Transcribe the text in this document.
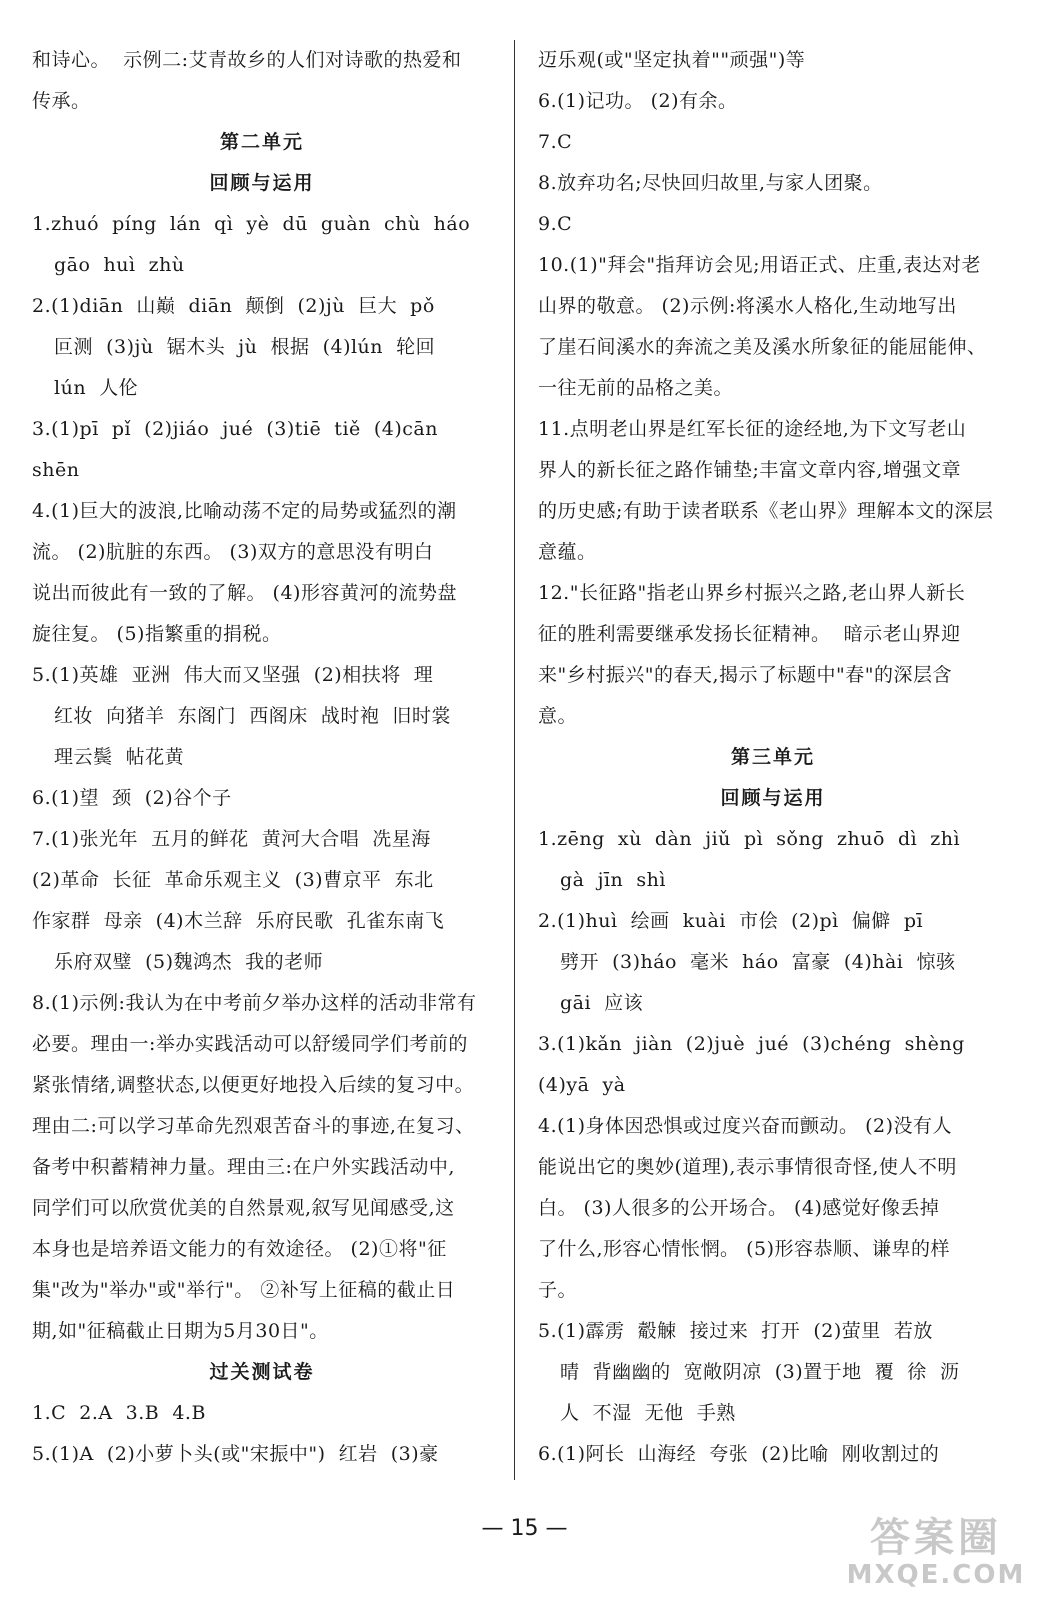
和诗心。  示例二:艾青故乡的人们对诗歌的热爱和
传承。
第二单元
回顾与运用
1.zhuó  píng  lán  qì  yè  dū  guàn  chù  háo
gāo  huì  zhù
2.(1)diān  山巅  diān  颠倒  (2)jù  巨大  pǒ
叵测  (3)jù  锯木头  jù  根据  (4)lún  轮回
lún  人伦
3.(1)pī  pǐ  (2)jiáo  jué  (3)tiē  tiě  (4)cān
shēn
4.(1)巨大的波浪,比喻动荡不定的局势或猛烈的潮
流。 (2)肮脏的东西。 (3)双方的意思没有明白
说出而彼此有一致的了解。 (4)形容黄河的流势盘
旋往复。 (5)指繁重的捐税。
5.(1)英雄  亚洲  伟大而又坚强  (2)相扶将  理
红妆  向猪羊  东阁门  西阁床  战时袍  旧时裳
理云鬓  帖花黄
6.(1)望  颈  (2)谷个子
7.(1)张光年  五月的鲜花  黄河大合唱  冼星海
(2)革命  长征  革命乐观主义  (3)曹京平  东北
作家群  母亲  (4)木兰辞  乐府民歌  孔雀东南飞
乐府双璧  (5)魏鸿杰  我的老师
8.(1)示例:我认为在中考前夕举办这样的活动非常有
必要。理由一:举办实践活动可以舒缓同学们考前的
紧张情绪,调整状态,以便更好地投入后续的复习中。
理由二:可以学习革命先烈艰苦奋斗的事迹,在复习、
备考中积蓄精神力量。理由三:在户外实践活动中,
同学们可以欣赏优美的自然景观,叙写见闻感受,这
本身也是培养语文能力的有效途径。 (2)①将"征
集"改为"举办"或"举行"。 ②补写上征稿的截止日
期,如"征稿截止日期为5月30日"。
过关测试卷
1.C  2.A  3.B  4.B
5.(1)A  (2)小萝卜头(或"宋振中")  红岩  (3)豪
迈乐观(或"坚定执着""顽强")等
6.(1)记功。 (2)有余。
7.C
8.放弃功名;尽快回归故里,与家人团聚。
9.C
10.(1)"拜会"指拜访会见;用语正式、庄重,表达对老
山界的敬意。 (2)示例:将溪水人格化,生动地写出
了崖石间溪水的奔流之美及溪水所象征的能屈能伸、
一往无前的品格之美。
11.点明老山界是红军长征的途经地,为下文写老山
界人的新长征之路作铺垫;丰富文章内容,增强文章
的历史感;有助于读者联系《老山界》理解本文的深层
意蕴。
12."长征路"指老山界乡村振兴之路,老山界人新长
征的胜利需要继承发扬长征精神。  暗示老山界迎
来"乡村振兴"的春天,揭示了标题中"春"的深层含
意。
第三单元
回顾与运用
1.zēng  xù  dàn  jiǔ  pì  sǒng  zhuō  dì  zhì
gà  jīn  shì
2.(1)huì  绘画  kuài  市侩  (2)pì  偏僻  pī
劈开  (3)háo  毫米  háo  富豪  (4)hài  惊骇
gāi  应该
3.(1)kǎn  jiàn  (2)juè  jué  (3)chéng  shèng
(4)yā  yà
4.(1)身体因恐惧或过度兴奋而颤动。 (2)没有人
能说出它的奥妙(道理),表示事情很奇怪,使人不明
白。 (3)人很多的公开场合。 (4)感觉好像丢掉
了什么,形容心情怅惘。 (5)形容恭顺、谦卑的样
子。
5.(1)霹雳  觳觫  接过来  打开  (2)萤里  若放
晴  背幽幽的  宽敞阴凉  (3)置于地  覆  徐  沥
人  不湿  无他  手熟
6.(1)阿长  山海经  夸张  (2)比喻  刚收割过的
— 15 —	答案圈
MXQE.COM
